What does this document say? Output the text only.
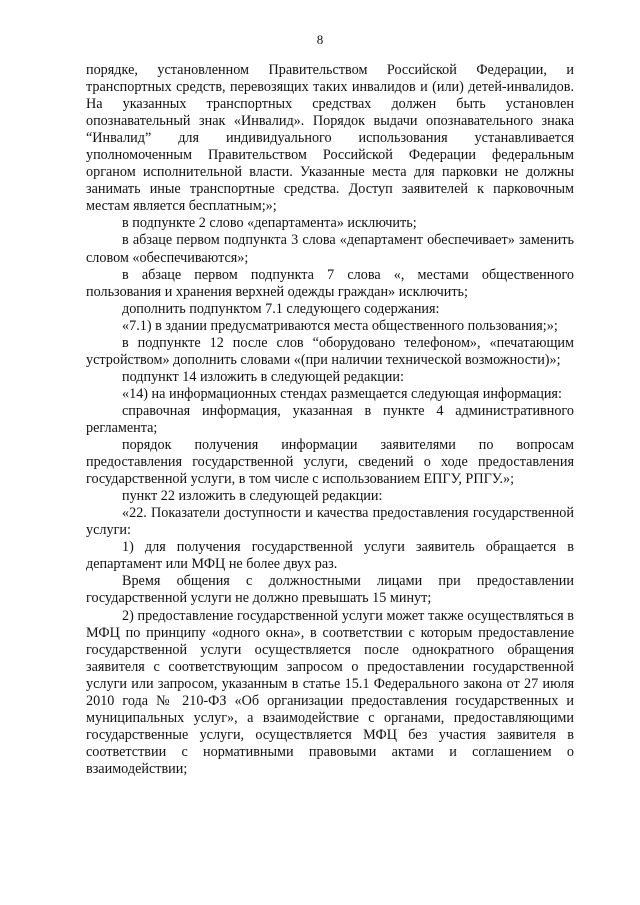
8

порядке, установленном Правительством Российской Федерации, и транспортных средств, перевозящих таких инвалидов и (или) детей-инвалидов. На указанных транспортных средствах должен быть установлен опознавательный знак «Инвалид». Порядок выдачи опознавательного знака “Инвалид” для индивидуального использования устанавливается уполномоченным Правительством Российской Федерации федеральным органом исполнительной власти. Указанные места для парковки не должны занимать иные транспортные средства. Доступ заявителей к парковочным местам является бесплатным;»;

в подпункте 2 слово «департамента» исключить;

в абзаце первом подпункта 3 слова «департамент обеспечивает» заменить словом «обеспечиваются»;

в абзаце первом подпункта 7 слова «, местами общественного пользования и хранения верхней одежды граждан» исключить;

дополнить подпунктом 7.1 следующего содержания:

«7.1) в здании предусматриваются места общественного пользования;»;

в подпункте 12 после слов “оборудовано телефоном», «печатающим устройством» дополнить словами «(при наличии технической возможности)»;

подпункт 14 изложить в следующей редакции:

«14) на информационных стендах размещается следующая информация:

справочная информация, указанная в пункте 4 административного регламента;

порядок получения информации заявителями по вопросам предоставления государственной услуги, сведений о ходе предоставления государственной услуги, в том числе с использованием ЕПГУ, РПГУ.»;

пункт 22 изложить в следующей редакции:

«22. Показатели доступности и качества предоставления государственной услуги:

1) для получения государственной услуги заявитель обращается в департамент или МФЦ не более двух раз.

Время общения с должностными лицами при предоставлении государственной услуги не должно превышать 15 минут;

2) предоставление государственной услуги может также осуществляться в МФЦ по принципу «одного окна», в соответствии с которым предоставление государственной услуги осуществляется после однократного обращения заявителя с соответствующим запросом о предоставлении государственной услуги или запросом, указанным в статье 15.1 Федерального закона от 27 июля 2010 года № 210-ФЗ «Об организации предоставления государственных и муниципальных услуг», а взаимодействие с органами, предоставляющими государственные услуги, осуществляется МФЦ без участия заявителя в соответствии с нормативными правовыми актами и соглашением о взаимодействии;
